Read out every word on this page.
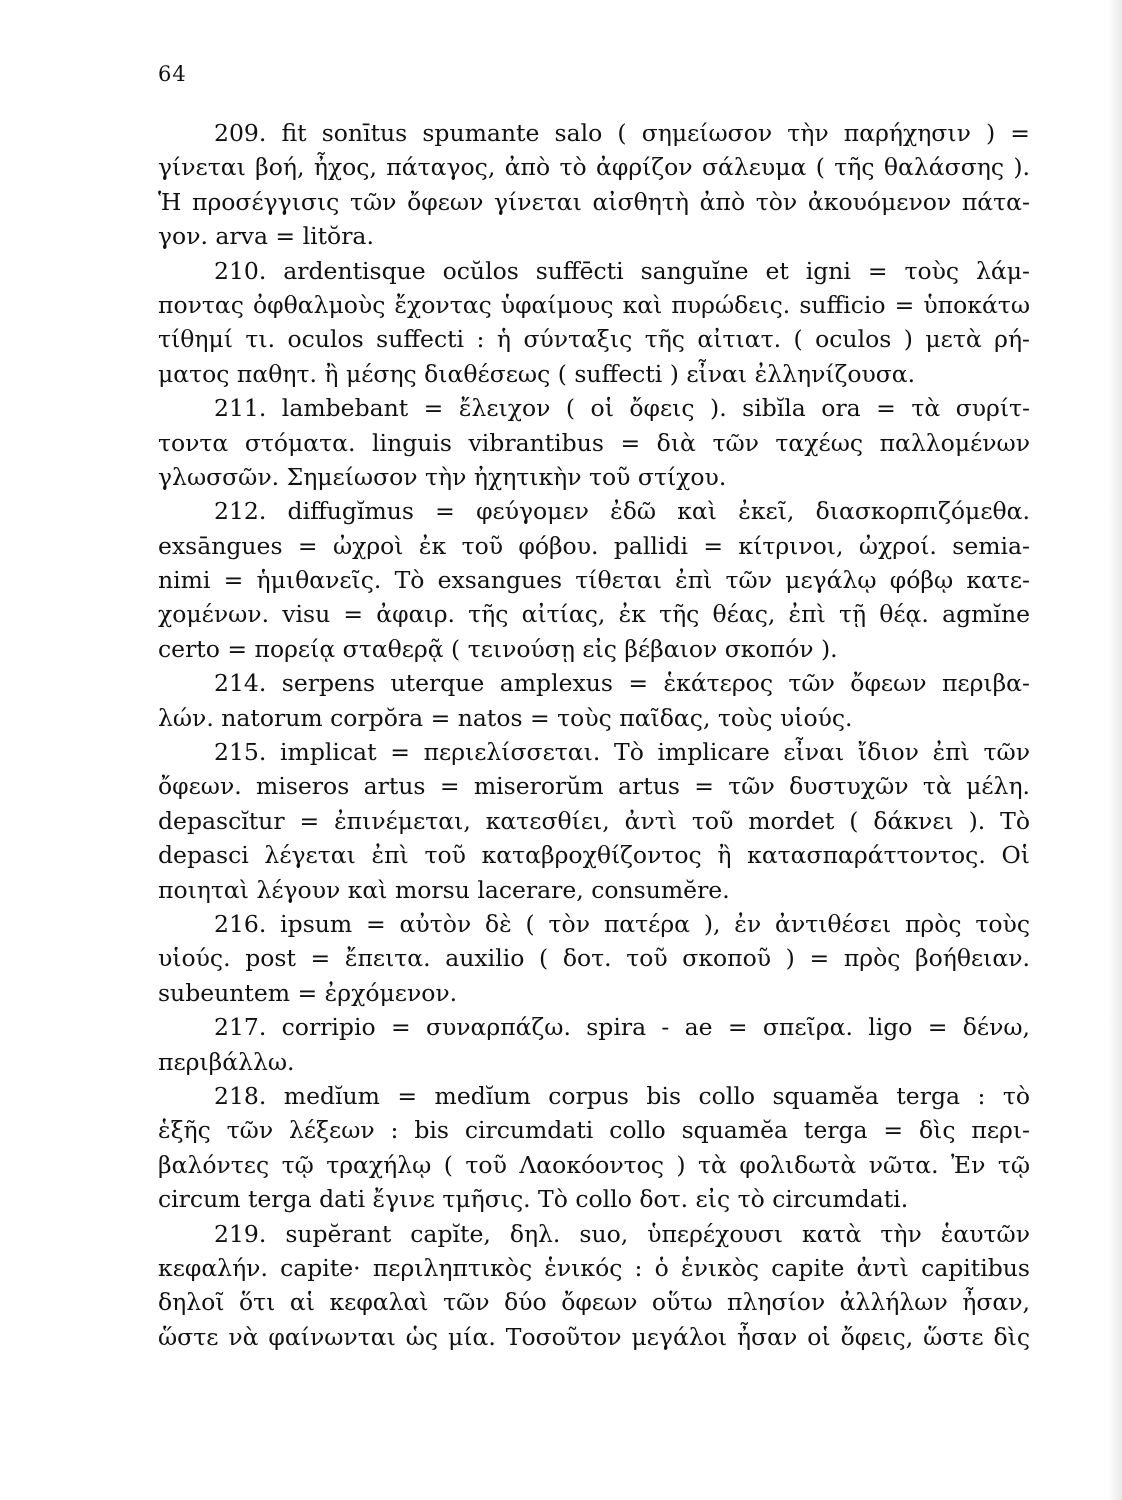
64
209. fit sonītus spumante salo ( σημείωσον τὴν παρήχησιν ) =
γίνεται βοή, ἦχος, πάταγος, ἀπὸ τὸ ἀφρίζον σάλευμα ( τῆς θαλάσσης ).
Ἡ προσέγγισις τῶν ὄφεων γίνεται αἰσθητὴ ἀπὸ τὸν ἀκουόμενον πάτα-
γον. arva = litŏra.
210. ardentisque ocŭlos suffēcti sanguĭne et igni = τοὺς λάμ-
ποντας ὀφθαλμοὺς ἔχοντας ὑφαίμους καὶ πυρώδεις. sufficio = ὑποκάτω
τίθημί τι. oculos suffecti : ἡ σύνταξις τῆς αἰτιατ. ( oculos ) μετὰ ρή-
ματος παθητ. ἢ μέσης διαθέσεως ( suffecti ) εἶναι ἐλληνίζουσα.
211. lambebant = ἔλειχον ( οἱ ὄφεις ). sibĭla ora = τὰ συρίτ-
τοντα στόματα. linguis vibrantibus = διὰ τῶν ταχέως παλλομένων
γλωσσῶν. Σημείωσον τὴν ἠχητικὴν τοῦ στίχου.
212. diffugĭmus = φεύγομεν ἐδῶ καὶ ἐκεῖ, διασκορπιζόμεθα.
exsāngues = ὠχροὶ ἐκ τοῦ φόβου. pallidi = κίτρινοι, ὠχροί. semia-
nimi = ἡμιθανεῖς. Τὸ exsangues τίθεται ἐπὶ τῶν μεγάλῳ φόβῳ κατε-
χομένων. visu = ἀφαιρ. τῆς αἰτίας, ἐκ τῆς θέας, ἐπὶ τῇ θέᾳ. agmĭne
certo = πορείᾳ σταθερᾷ ( τεινούσῃ εἰς βέβαιον σκοπόν ).
214. serpens uterque amplexus = ἑκάτερος τῶν ὄφεων περιβα-
λών. natorum corpŏra = natos = τοὺς παῖδας, τοὺς υἱούς.
215. implicat = περιελίσσεται. Τὸ implicare εἶναι ἴδιον ἐπὶ τῶν
ὄφεων. miseros artus = miserorŭm artus = τῶν δυστυχῶν τὰ μέλη.
depascĭtur = ἐπινέμεται, κατεσθίει, ἀντὶ τοῦ mordet ( δάκνει ). Τὸ
depasci λέγεται ἐπὶ τοῦ καταβροχθίζοντος ἢ κατασπαράττοντος. Οἱ
ποιηταὶ λέγουν καὶ morsu lacerare, consumĕre.
216. ipsum = αὐτὸν δὲ ( τὸν πατέρα ), ἐν ἀντιθέσει πρὸς τοὺς
υἱούς. post = ἔπειτα. auxilio ( δοτ. τοῦ σκοποῦ ) = πρὸς βοήθειαν.
subeuntem = ἐρχόμενον.
217. corripio = συναρπάζω. spira - ae = σπεῖρα. ligo = δένω,
περιβάλλω.
218. medĭum = medĭum corpus bis collo squamĕa terga : τὸ
ἑξῆς τῶν λέξεων : bis circumdati collo squamĕa terga = δὶς περι-
βαλόντες τῷ τραχήλῳ ( τοῦ Λαοκόοντος ) τὰ φολιδωτὰ νῶτα. Ἐν τῷ
circum terga dati ἔγινε τμῆσις. Τὸ collo δοτ. εἰς τὸ circumdati.
219. supĕrant capĭte, δηλ. suo, ὑπερέχουσι κατὰ τὴν ἑαυτῶν
κεφαλήν. capite· περιληπτικὸς ἑνικός : ὁ ἑνικὸς capite ἀντὶ capitibus
δηλοῖ ὅτι αἱ κεφαλαὶ τῶν δύο ὄφεων οὕτω πλησίον ἀλλήλων ἦσαν,
ὥστε νὰ φαίνωνται ὡς μία. Τοσοῦτον μεγάλοι ἦσαν οἱ ὄφεις, ὥστε δὶς
